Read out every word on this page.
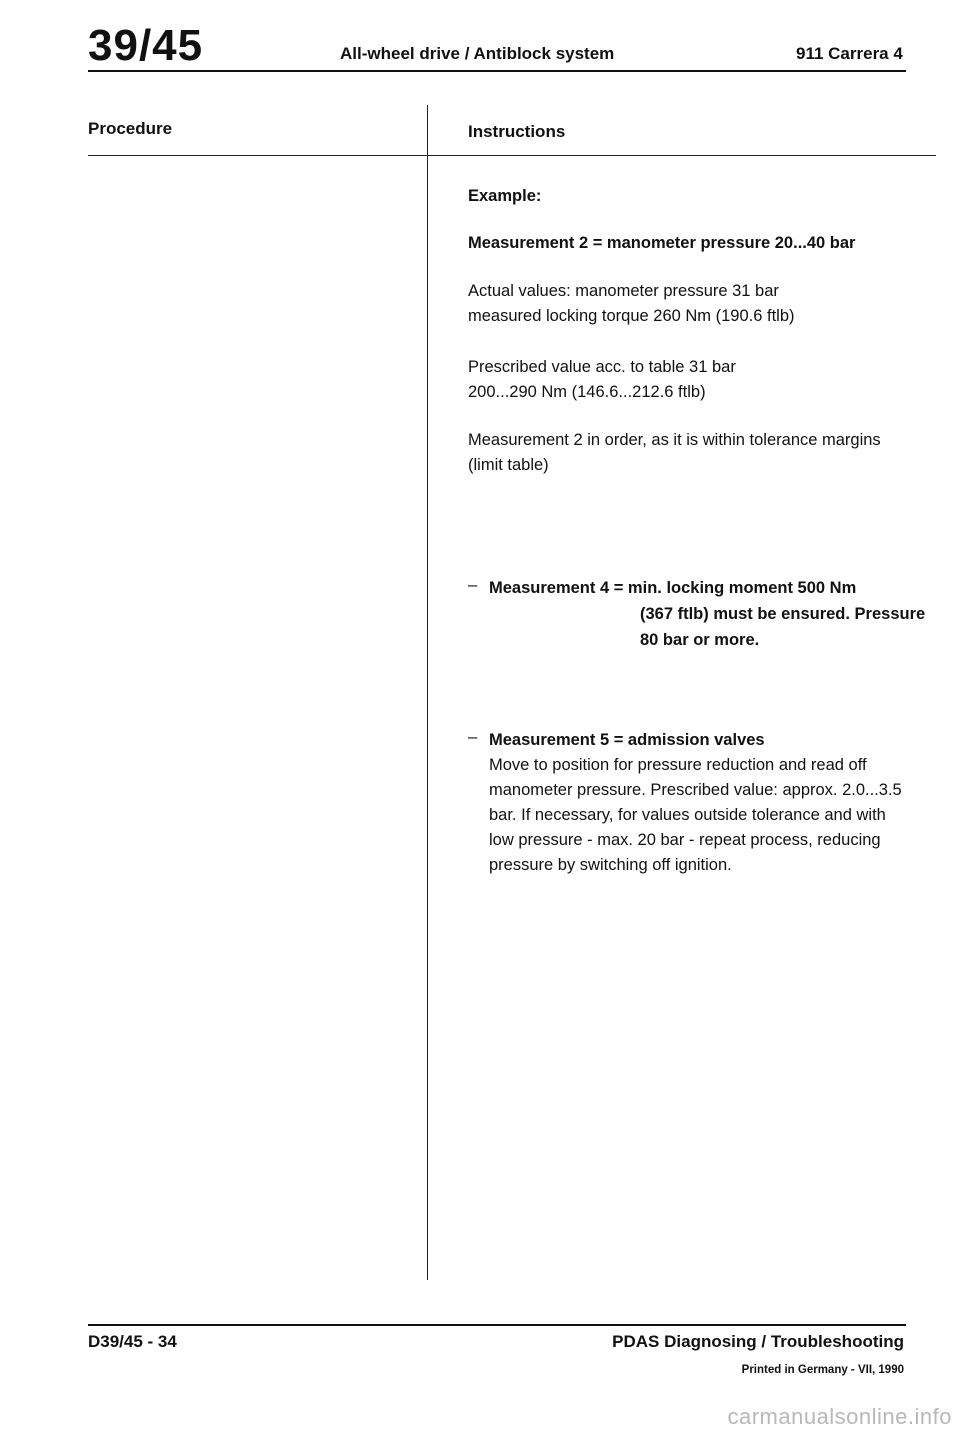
39/45	All-wheel drive / Antiblock system	911 Carrera 4
Procedure	Instructions
Example:
Measurement 2 = manometer pressure 20...40 bar
Actual values: manometer pressure 31 bar
measured locking torque 260 Nm (190.6 ftlb)
Prescribed value acc. to table 31 bar
200...290 Nm (146.6...212.6 ftlb)
Measurement 2 in order, as it is within tolerance margins
(limit table)
– Measurement 4 = min. locking moment 500 Nm
(367 ftlb) must be ensured. Pressure
80 bar or more.
– Measurement 5 = admission valves
Move to position for pressure reduction and read off
manometer pressure. Prescribed value: approx. 2.0...3.5
bar. If necessary, for values outside tolerance and with
low pressure - max. 20 bar - repeat process, reducing
pressure by switching off ignition.
D39/45 - 34	PDAS Diagnosing / Troubleshooting
Printed in Germany - VII, 1990
carmanualsonline.info
